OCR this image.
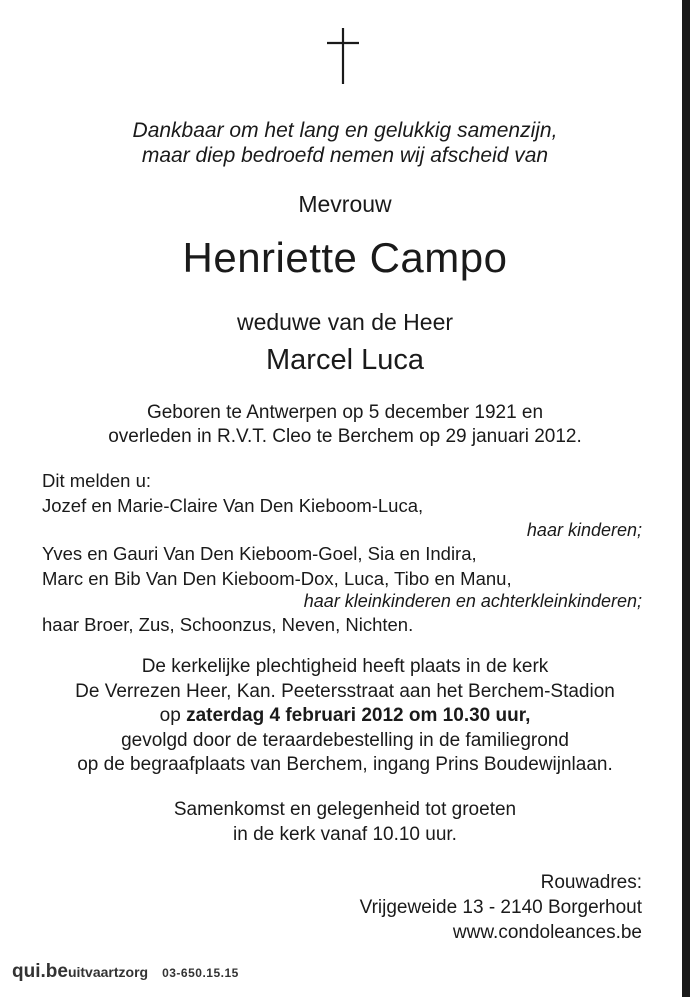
Dankbaar om het lang en gelukkig samenzijn,
maar diep bedroefd nemen wij afscheid van
Mevrouw
Henriette Campo
weduwe van de Heer
Marcel Luca
Geboren te Antwerpen op 5 december 1921 en
overleden in R.V.T. Cleo te Berchem op 29 januari 2012.
Dit melden u:
Jozef en Marie-Claire Van Den Kieboom-Luca,
haar kinderen;
Yves en Gauri Van Den Kieboom-Goel, Sia en Indira,
Marc en Bib Van Den Kieboom-Dox, Luca, Tibo en Manu,
haar kleinkinderen en achterkleinkinderen;
haar Broer, Zus, Schoonzus, Neven, Nichten.
De kerkelijke plechtigheid heeft plaats in de kerk
De Verrezen Heer, Kan. Peetersstraat aan het Berchem-Stadion
op zaterdag 4 februari 2012 om 10.30 uur,
gevolgd door de teraardebestelling in de familiegrond
op de begraafplaats van Berchem, ingang Prins Boudewijnlaan.
Samenkomst en gelegenheid tot groeten
in de kerk vanaf 10.10 uur.
Rouwadres:
Vrijgeweide 13 - 2140 Borgerhout
www.condoleances.be
qui.beuitvaartzorg 03-650.15.15
